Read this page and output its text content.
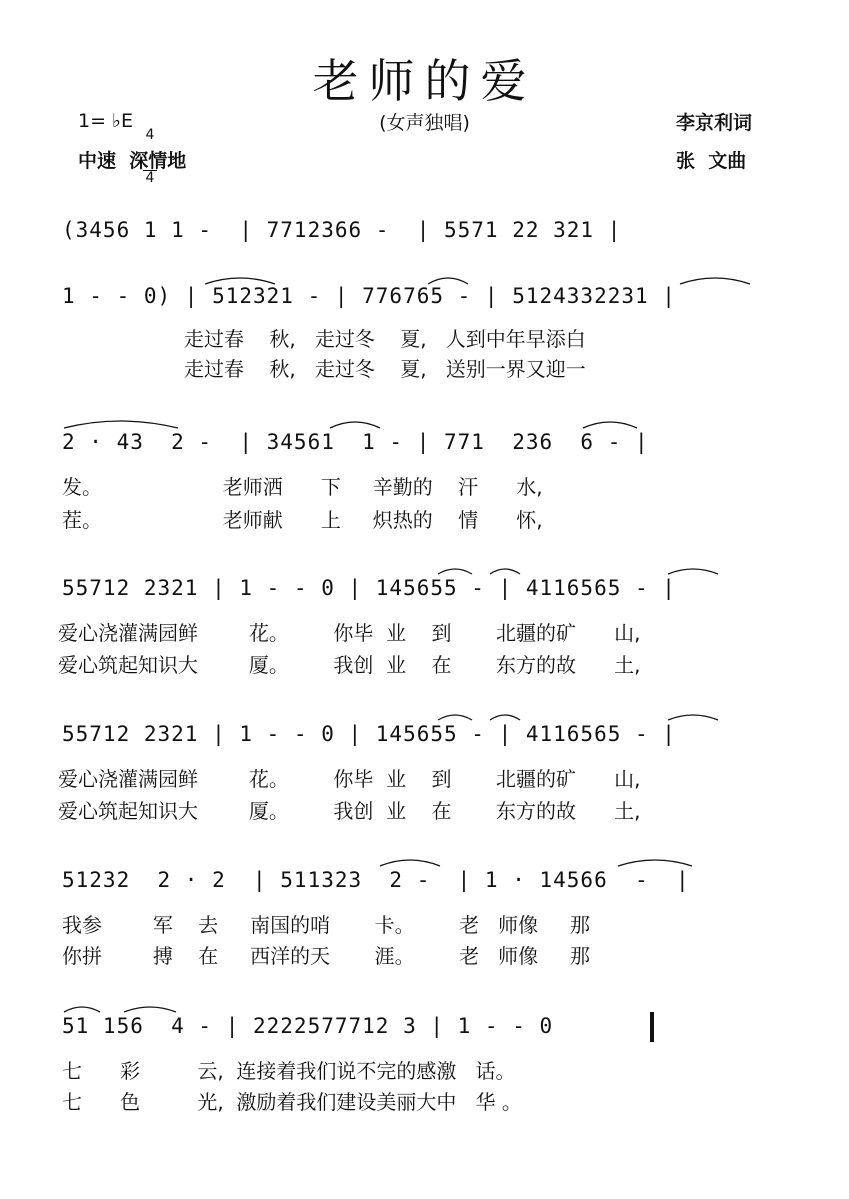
老师的爱
1= ♭E

4

4

(女声独唱)	李京利词
中速  深情地	张  文曲
(3456 1 1 -  | 7712366 -  | 5571 22 321 |
1 - - 0) | 512321 - | 776765 - | 5124332231 |
走过春    秋,   走过冬    夏,   人到中年早添白
走过春    秋,   走过冬    夏,   送别一界又迎一
2 · 43  2 -  | 34561  1 - | 771  236  6 - |
发。                   老师洒      下     辛勤的    汗      水,
茬。                   老师献      上     炽热的    情      怀,
55712 2321 | 1 - - 0 | 145655 - | 4116565 - |
爱心浇灌满园鲜        花。       你毕  业    到       北疆的矿      山,
爱心筑起知识大        厦。       我创  业    在       东方的故      土,
55712 2321 | 1 - - 0 | 145655 - | 4116565 - |
爱心浇灌满园鲜        花。       你毕  业    到       北疆的矿      山,
爱心筑起知识大        厦。       我创  业    在       东方的故      土,
51232  2 · 2  | 511323  2 -  | 1 · 14566  -  |
我参        军    去     南国的哨       卡。       老   师像     那
你拼        搏    在     西洋的天       涯。       老   师像     那
51 156  4 - | 2222577712 3 | 1 - - 0
七      彩         云,  连接着我们说不完的感激   话。
七      色         光,  激励着我们建设美丽大中   华 。
